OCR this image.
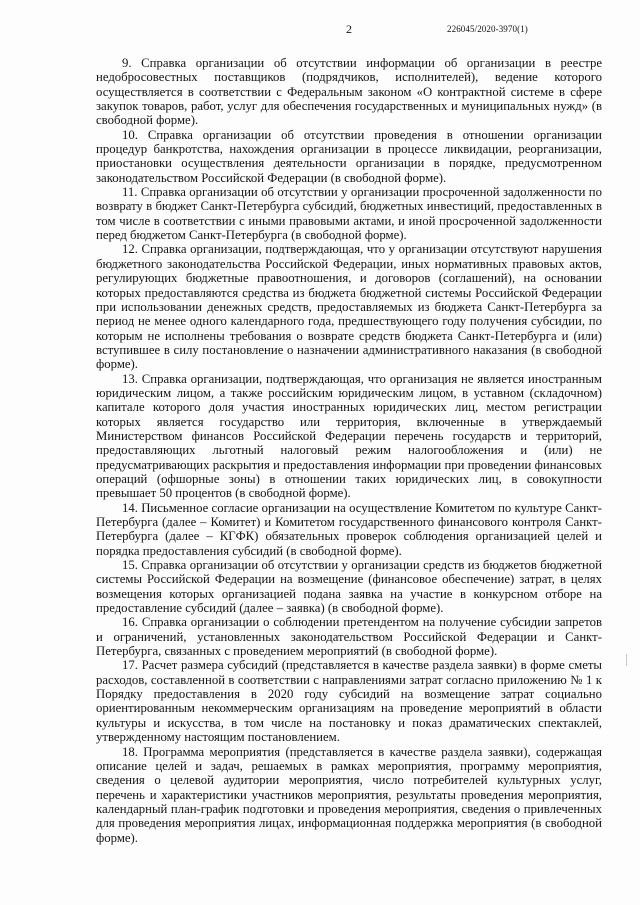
2	226045/2020-3970(1)

9. Справка организации об отсутствии информации об организации в реестре недобросовестных поставщиков (подрядчиков, исполнителей), ведение которого осуществляется в соответствии с Федеральным законом «О контрактной системе в сфере закупок товаров, работ, услуг для обеспечения государственных и муниципальных нужд» (в свободной форме).

10. Справка организации об отсутствии проведения в отношении организации процедур банкротства, нахождения организации в процессе ликвидации, реорганизации, приостановки осуществления деятельности организации в порядке, предусмотренном законодательством Российской Федерации (в свободной форме).

11. Справка организации об отсутствии у организации просроченной задолженности по возврату в бюджет Санкт-Петербурга субсидий, бюджетных инвестиций, предоставленных в том числе в соответствии с иными правовыми актами, и иной просроченной задолженности перед бюджетом Санкт-Петербурга (в свободной форме).

12. Справка организации, подтверждающая, что у организации отсутствуют нарушения бюджетного законодательства Российской Федерации, иных нормативных правовых актов, регулирующих бюджетные правоотношения, и договоров (соглашений), на основании которых предоставляются средства из бюджета бюджетной системы Российской Федерации при использовании денежных средств, предоставляемых из бюджета Санкт-Петербурга за период не менее одного календарного года, предшествующего году получения субсидии, по которым не исполнены требования о возврате средств бюджета Санкт-Петербурга и (или) вступившее в силу постановление о назначении административного наказания (в свободной форме).

13. Справка организации, подтверждающая, что организация не является иностранным юридическим лицом, а также российским юридическим лицом, в уставном (складочном) капитале которого доля участия иностранных юридических лиц, местом регистрации которых является государство или территория, включенные в утверждаемый Министерством финансов Российской Федерации перечень государств и территорий, предоставляющих льготный налоговый режим налогообложения и (или) не предусматривающих раскрытия и предоставления информации при проведении финансовых операций (офшорные зоны) в отношении таких юридических лиц, в совокупности превышает 50 процентов (в свободной форме).

14. Письменное согласие организации на осуществление Комитетом по культуре Санкт-Петербурга (далее – Комитет) и Комитетом государственного финансового контроля Санкт-Петербурга (далее – КГФК) обязательных проверок соблюдения организацией целей и порядка предоставления субсидий (в свободной форме).

15. Справка организации об отсутствии у организации средств из бюджетов бюджетной системы Российской Федерации на возмещение (финансовое обеспечение) затрат, в целях возмещения которых организацией подана заявка на участие в конкурсном отборе на предоставление субсидий (далее – заявка) (в свободной форме).

16. Справка организации о соблюдении претендентом на получение субсидии запретов и ограничений, установленных законодательством Российской Федерации и Санкт-Петербурга, связанных с проведением мероприятий (в свободной форме).

17. Расчет размера субсидий (представляется в качестве раздела заявки) в форме сметы расходов, составленной в соответствии с направлениями затрат согласно приложению № 1 к Порядку предоставления в 2020 году субсидий на возмещение затрат социально ориентированным некоммерческим организациям на проведение мероприятий в области культуры и искусства, в том числе на постановку и показ драматических спектаклей, утвержденному настоящим постановлением.

18. Программа мероприятия (представляется в качестве раздела заявки), содержащая описание целей и задач, решаемых в рамках мероприятия, программу мероприятия, сведения о целевой аудитории мероприятия, число потребителей культурных услуг, перечень и характеристики участников мероприятия, результаты проведения мероприятия, календарный план-график подготовки и проведения мероприятия, сведения о привлеченных для проведения мероприятия лицах, информационная поддержка мероприятия (в свободной форме).
